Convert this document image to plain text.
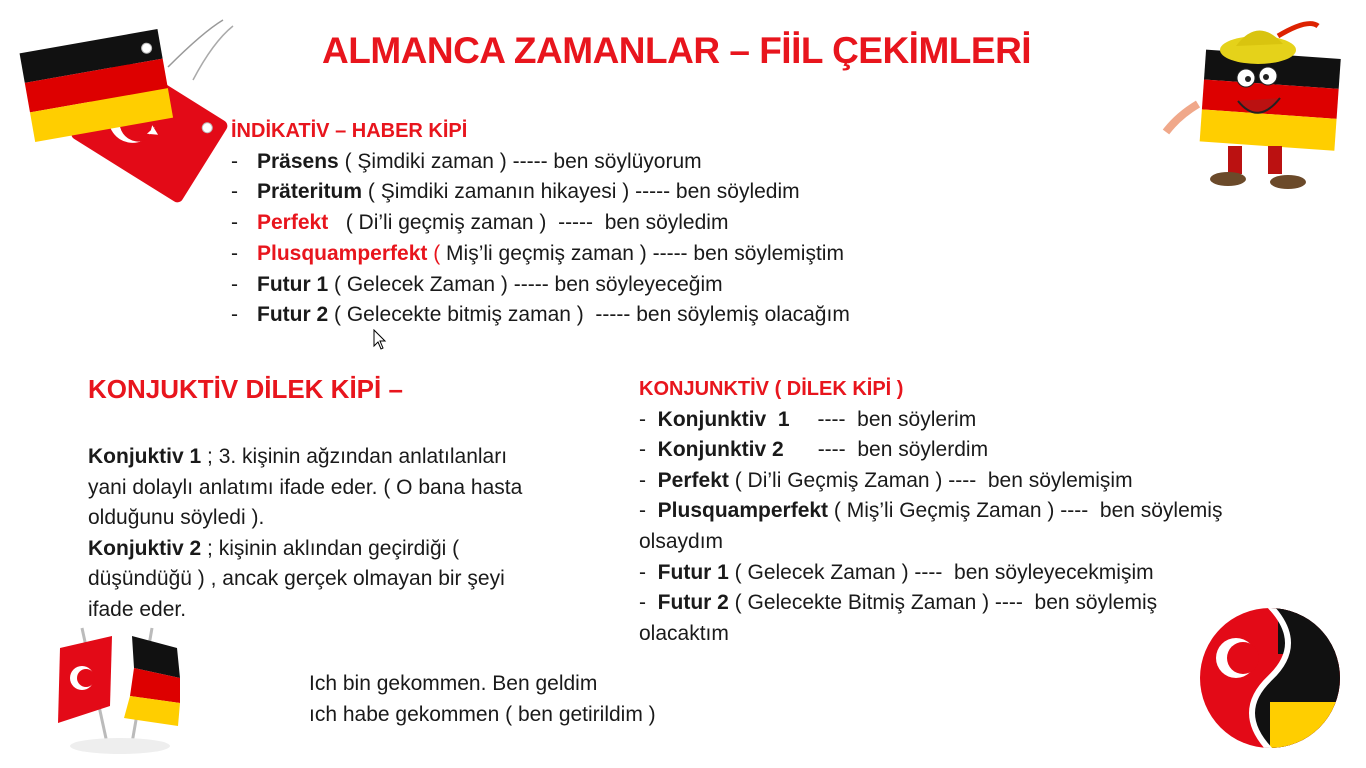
ALMANCA ZAMANLAR – FİİL ÇEKİMLERİ
İNDİKATİV – HABER KİPİ
- Präsens ( Şimdiki zaman ) ----- ben söylüyorum
- Präteritum ( Şimdiki zamanın hikayesi ) ----- ben söyledim
- Perfekt   ( Di’li geçmiş zaman )  -----  ben söyledim
- Plusquamperfekt ( Miş’li geçmiş zaman ) ----- ben söylemiştim
- Futur 1 ( Gelecek Zaman ) ----- ben söyleyeceğim
- Futur 2 ( Gelecekte bitmiş zaman )  ----- ben söylemiş olacağım
KONJUKTİV DİLEK KİPİ –
Konjuktiv 1 ; 3. kişinin ağzından anlatılanları
yani dolaylı anlatımı ifade eder. ( O bana hasta
olduğunu söyledi ).
Konjuktiv 2 ; kişinin aklından geçirdiği (
düşündüğü ) , ancak gerçek olmayan bir şeyi
ifade eder.
KONJUNKTİV ( DİLEK KİPİ )
-  Konjunktiv  1 ----  ben söylerim
-  Konjunktiv 2 ----  ben söylerdim
-  Perfekt ( Di’li Geçmiş Zaman ) ----  ben söylemişim
-  Plusquamperfekt ( Miş’li Geçmiş Zaman ) ----  ben söylemiş
olsaydım
-  Futur 1 ( Gelecek Zaman ) ----  ben söyleyecekmişim
-  Futur 2 ( Gelecekte Bitmiş Zaman ) ----  ben söylemiş
olacaktım
Ich bin gekommen. Ben geldim
ıch habe gekommen ( ben getirildim )
